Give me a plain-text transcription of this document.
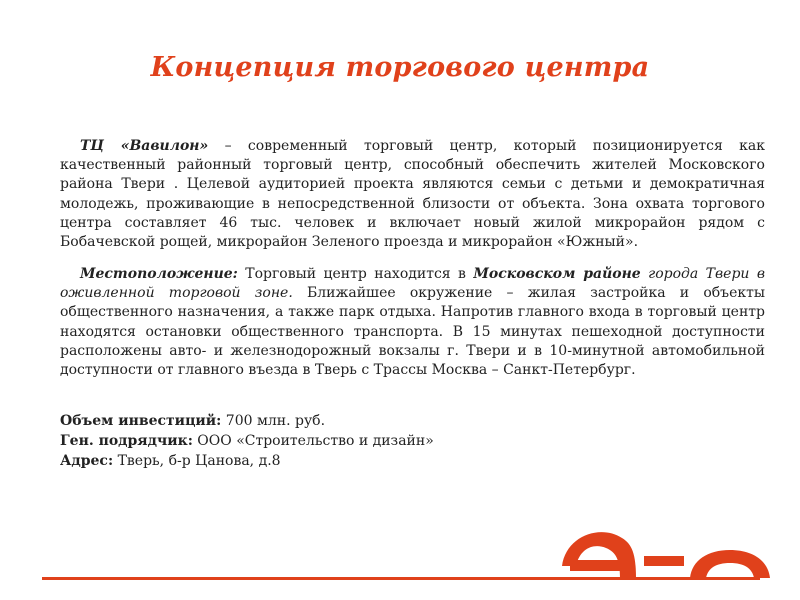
Концепция торгового центра
ТЦ «Вавилон» – современный торговый центр, который позиционируется как качественный районный торговый центр, способный обеспечить жителей Московского района Твери . Целевой аудиторией проекта являются семьи с детьми и демократичная молодежь, проживающие в непосредственной близости от объекта. Зона охвата торгового центра составляет 46 тыс. человек и включает новый жилой микрорайон рядом с Бобачевской рощей, микрорайон Зеленого проезда и микрорайон «Южный».
Местоположение: Торговый центр находится в Московском районе города Твери в оживленной торговой зоне. Ближайшее окружение – жилая застройка и объекты общественного назначения, а также парк отдыха. Напротив главного входа в торговый центр находятся остановки общественного транспорта. В 15 минутах пешеходной доступности расположены авто- и железнодорожный вокзалы г. Твери и в 10-минутной автомобильной доступности от главного въезда в Тверь с Трассы Москва – Санкт-Петербург.
Объем инвестиций: 700 млн. руб.
Ген. подрядчик: ООО «Строительство и дизайн»
Адрес: Тверь, б-р Цанова, д.8
